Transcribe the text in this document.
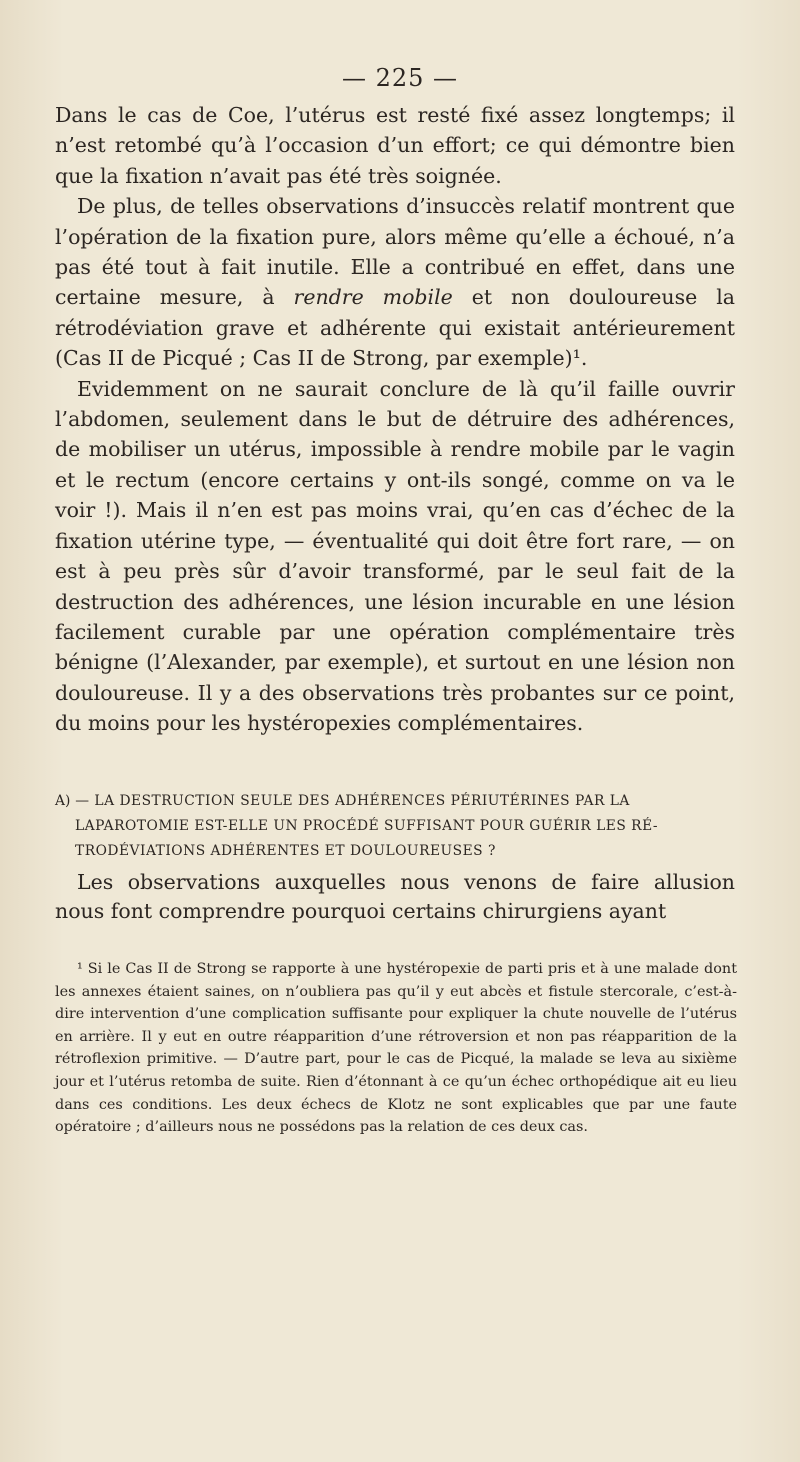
— 225 —

Dans le cas de Coe, l’utérus est resté fixé assez longtemps; il n’est retombé qu’à l’occasion d’un effort; ce qui démontre bien que la fixation n’avait pas été très soignée.

De plus, de telles observations d’insuccès relatif montrent que l’opération de la fixation pure, alors même qu’elle a échoué, n’a pas été tout à fait inutile. Elle a contribué en effet, dans une certaine mesure, à rendre mobile et non douloureuse la rétrodéviation grave et adhérente qui existait antérieurement (Cas II de Picqué ; Cas II de Strong, par exemple)¹.

Evidemment on ne saurait conclure de là qu’il faille ouvrir l’abdomen, seulement dans le but de détruire des adhérences, de mobiliser un utérus, impossible à rendre mobile par le vagin et le rectum (encore certains y ont-ils songé, comme on va le voir !). Mais il n’en est pas moins vrai, qu’en cas d’échec de la fixation utérine type, — éventualité qui doit être fort rare, — on est à peu près sûr d’avoir transformé, par le seul fait de la destruction des adhérences, une lésion incurable en une lésion facilement curable par une opération complémentaire très bénigne (l’Alexander, par exemple), et surtout en une lésion non douloureuse. Il y a des observations très probantes sur ce point, du moins pour les hystéropexies complémentaires.

A) — LA DESTRUCTION SEULE DES ADHÉRENCES PÉRIUTÉRINES PAR LA
LAPAROTOMIE EST-ELLE UN PROCÉDÉ SUFFISANT POUR GUÉRIR LES RÉ-
TRODÉVIATIONS ADHÉRENTES ET DOULOUREUSES ?

Les observations auxquelles nous venons de faire allusion nous font comprendre pourquoi certains chirurgiens ayant

¹ Si le Cas II de Strong se rapporte à une hystéropexie de parti pris et à une malade dont les annexes étaient saines, on n’oubliera pas qu’il y eut abcès et fistule stercorale, c’est-à-dire intervention d’une complication suffisante pour expliquer la chute nouvelle de l’utérus en arrière. Il y eut en outre réapparition d’une rétroversion et non pas réapparition de la rétroflexion primitive. — D’autre part, pour le cas de Picqué, la malade se leva au sixième jour et l’utérus retomba de suite. Rien d’étonnant à ce qu’un échec orthopédique ait eu lieu dans ces conditions. Les deux échecs de Klotz ne sont explicables que par une faute opératoire ; d’ailleurs nous ne possédons pas la relation de ces deux cas.
